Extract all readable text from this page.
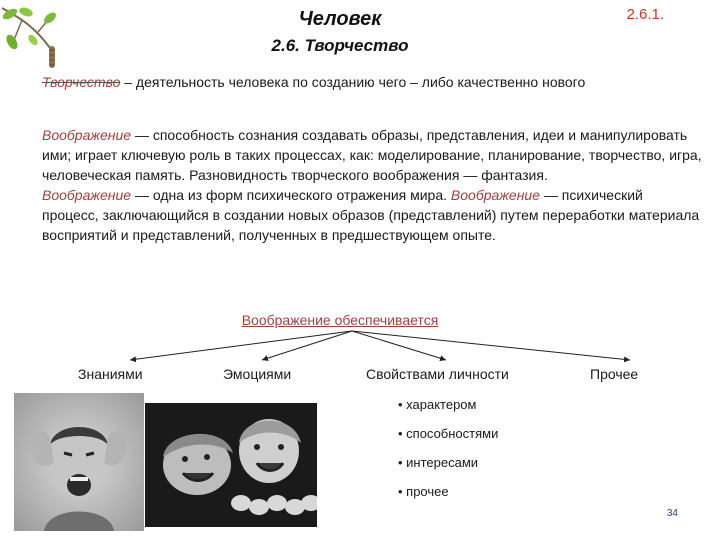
Человек	2.6.1.
2.6. Творчество
Творчество – деятельность человека по созданию чего – либо качественно нового
Воображение — способность сознания создавать образы, представления, идеи и манипулировать ими; играет ключевую роль в таких процессах, как: моделирование, планирование, творчество, игра, человеческая память. Разновидность творческого воображения — фантазия.
Воображение — одна из форм психического отражения мира. Воображение — психический процесс, заключающийся в создании новых образов (представлений) путем переработки материала восприятий и представлений, полученных в предшествующем опыте.
Воображение обеспечивается
Знаниями	Эмоциями	Свойствами личности	Прочее
• характером
• способностями
• интересами
• прочее
34
